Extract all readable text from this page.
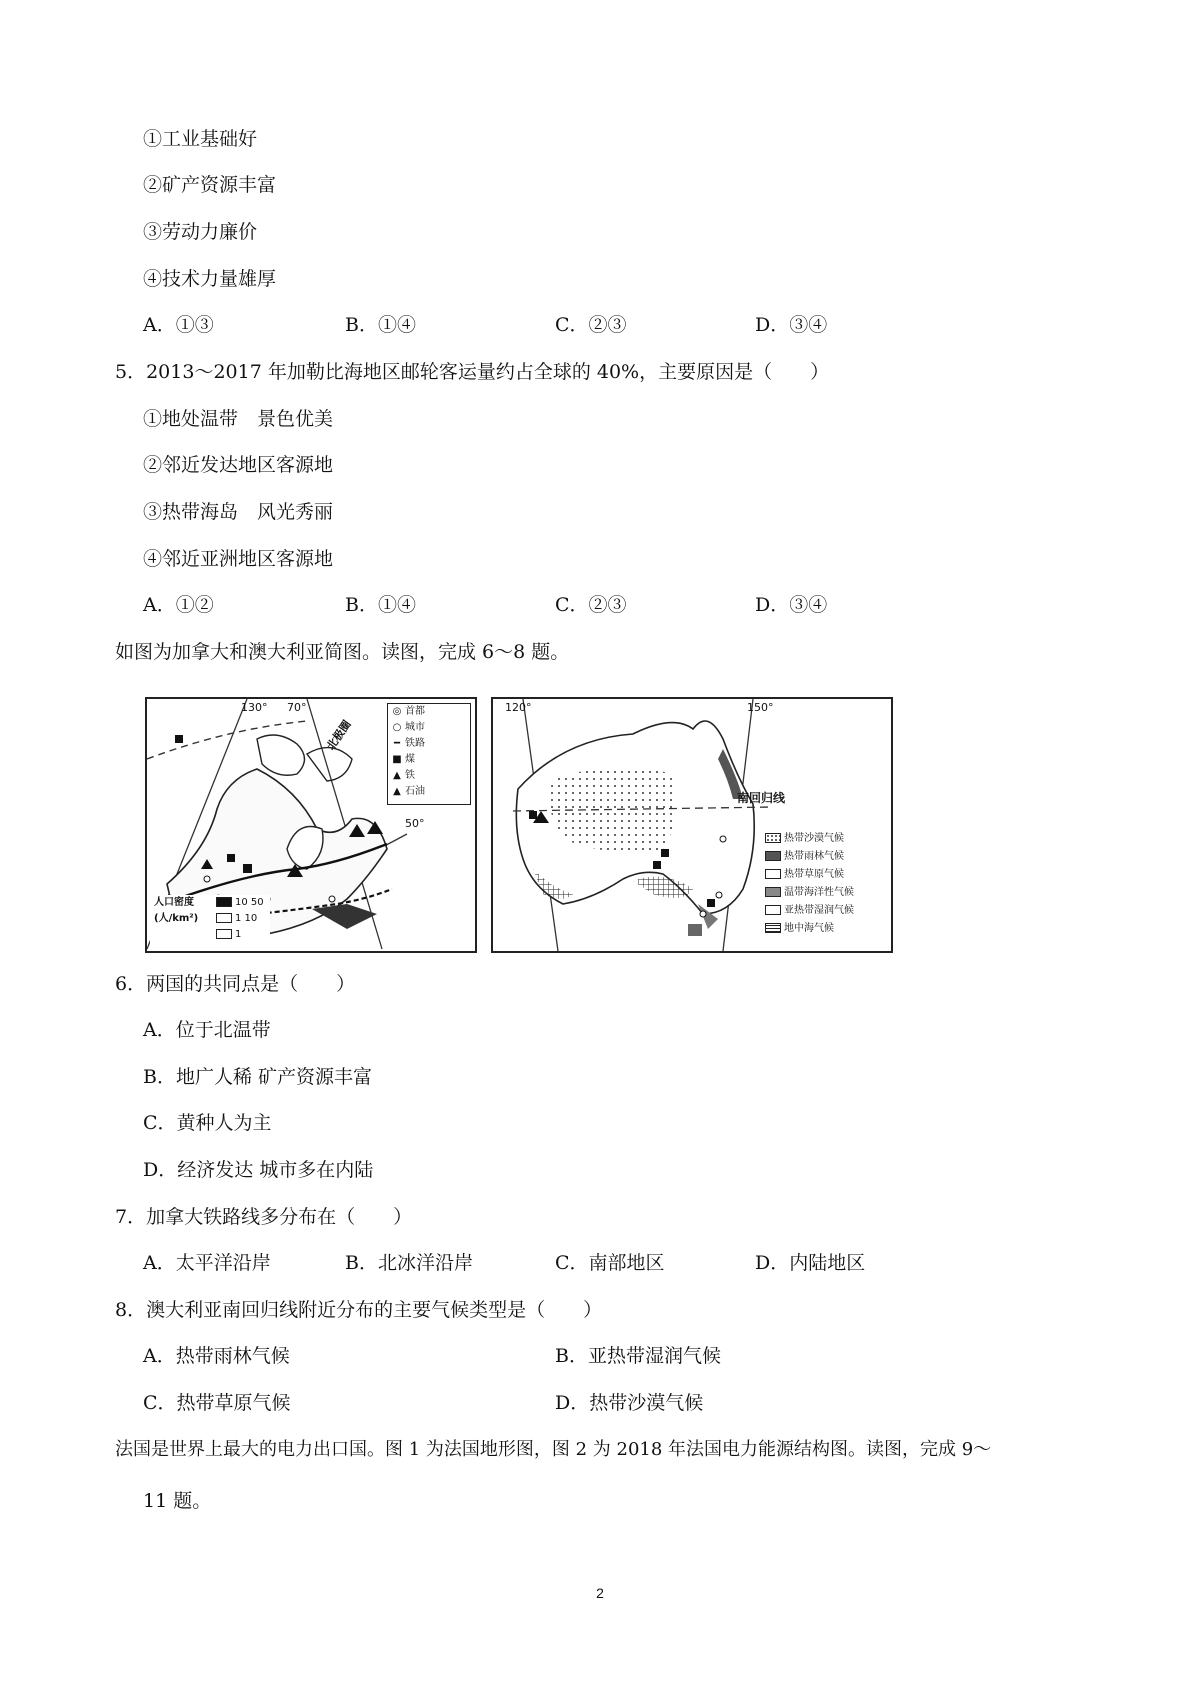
①工业基础好
②矿产资源丰富
③劳动力廉价
④技术力量雄厚
A．①③	B．①④	C．②③	D．③④
5．2013～2017 年加勒比海地区邮轮客运量约占全球的 40%，主要原因是（　　）
①地处温带　景色优美
②邻近发达地区客源地
③热带海岛　风光秀丽
④邻近亚洲地区客源地
A．①②	B．①④	C．②③	D．③④
如图为加拿大和澳大利亚简图。读图，完成 6～8 题。
130° 70°
50°
北极圈
◎ 首都
○ 城市
━ 铁路
■ 煤
▲ 铁
▲ 石油
人口密度
(人/km²)
10 50
1 10
1
120°	150°
南回归线
热带沙漠气候
热带雨林气候
热带草原气候
温带海洋性气候
亚热带湿润气候
地中海气候
6．两国的共同点是（　　）
A．位于北温带
B．地广人稀 矿产资源丰富
C．黄种人为主
D．经济发达 城市多在内陆
7．加拿大铁路线多分布在（　　）
A．太平洋沿岸	B．北冰洋沿岸	C．南部地区	D．内陆地区
8．澳大利亚南回归线附近分布的主要气候类型是（　　）
A．热带雨林气候	B．亚热带湿润气候
C．热带草原气候	D．热带沙漠气候
法国是世界上最大的电力出口国。图 1 为法国地形图，图 2 为 2018 年法国电力能源结构图。读图，完成 9～
11 题。
2
